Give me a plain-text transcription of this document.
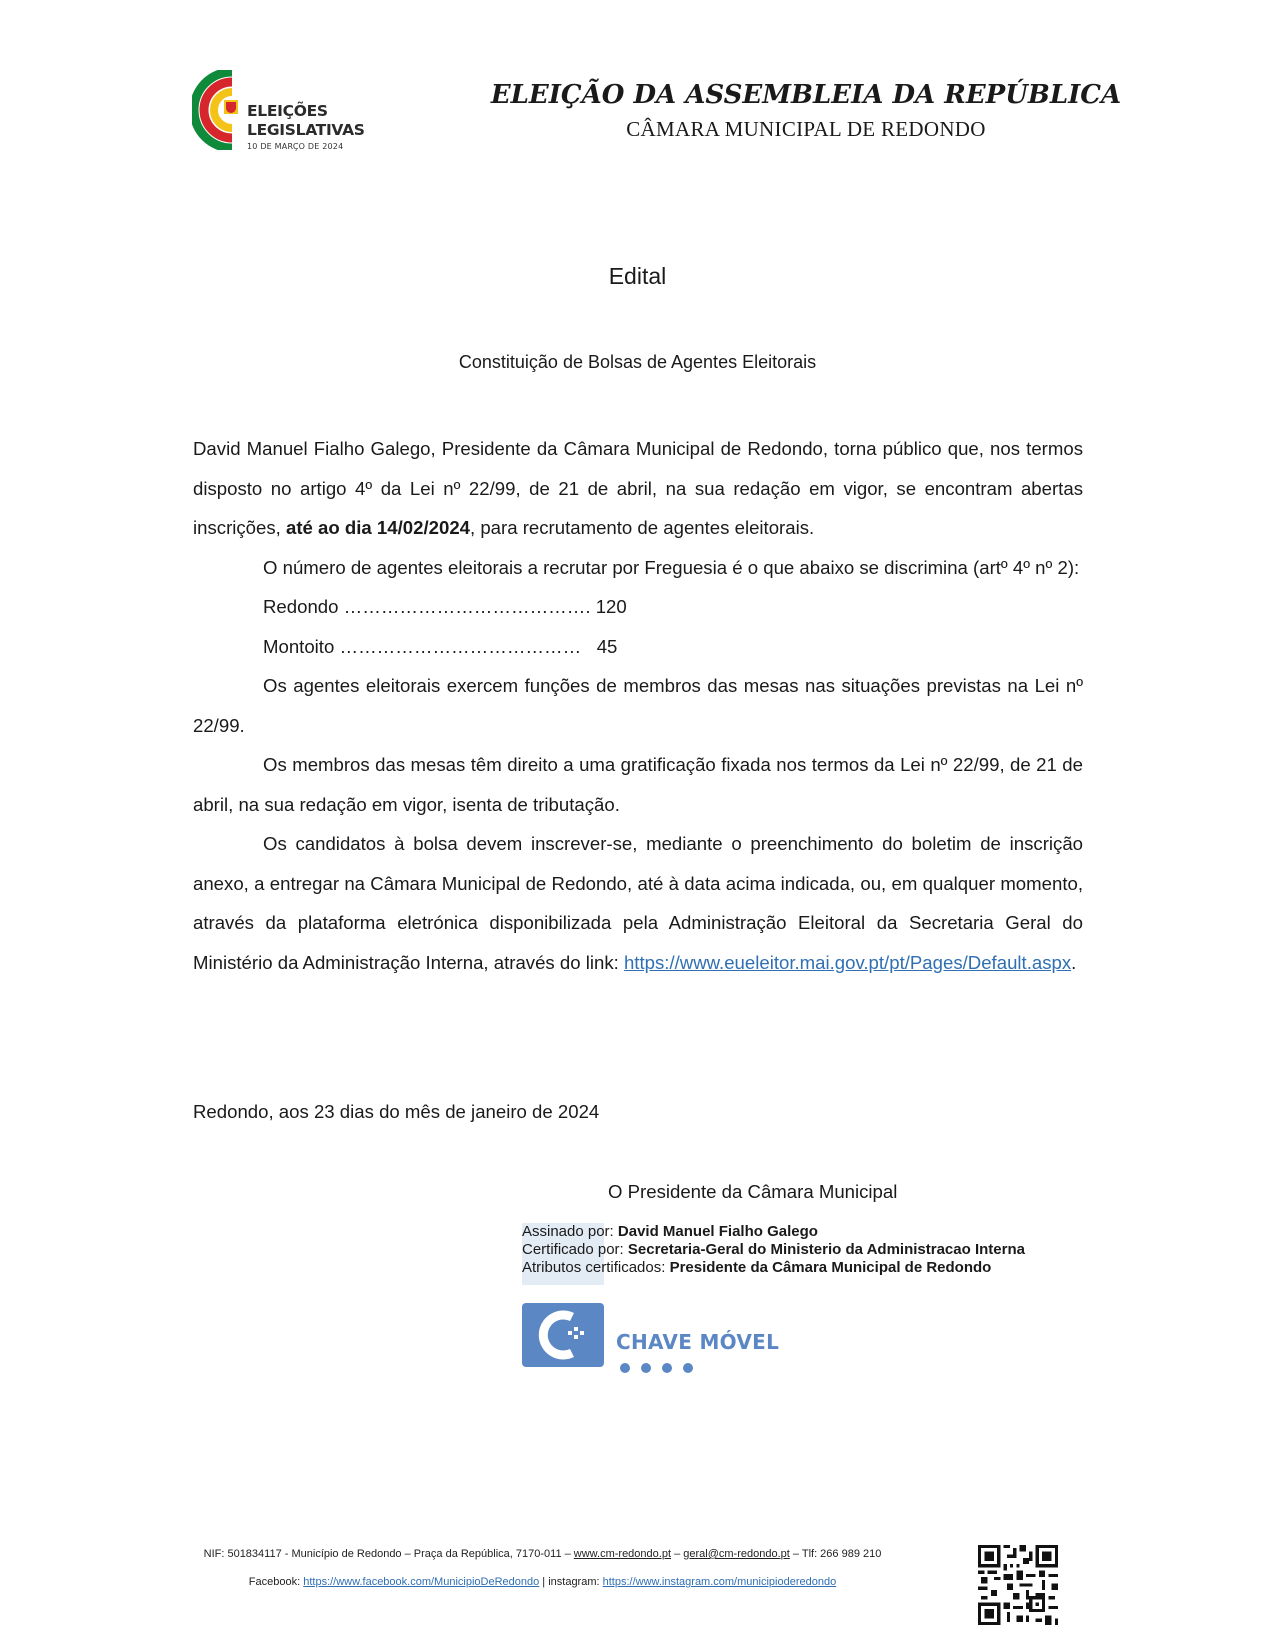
ELEIÇÕES
LEGISLATIVAS
10 DE MARÇO DE 2024
ELEIÇÃO DA ASSEMBLEIA DA REPÚBLICA
CÂMARA MUNICIPAL DE REDONDO
Edital
Constituição de Bolsas de Agentes Eleitorais

David Manuel Fialho Galego, Presidente da Câmara Municipal de Redondo, torna público que, nos termos disposto no artigo 4º da Lei nº 22/99, de 21 de abril, na sua redação em vigor, se encontram abertas inscrições, até ao dia 14/02/2024, para recrutamento de agentes eleitorais.

O número de agentes eleitorais a recrutar por Freguesia é o que abaixo se discrimina (artº 4º nº 2):

Redondo …………………………………. 120

Montoito ………………………………… 45

Os agentes eleitorais exercem funções de membros das mesas nas situações previstas na Lei nº 22/99.

Os membros das mesas têm direito a uma gratificação fixada nos termos da Lei nº 22/99, de 21 de abril, na sua redação em vigor, isenta de tributação.

Os candidatos à bolsa devem inscrever-se, mediante o preenchimento do boletim de inscrição anexo, a entregar na Câmara Municipal de Redondo, até à data acima indicada, ou, em qualquer momento, através da plataforma eletrónica disponibilizada pela Administração Eleitoral da Secretaria Geral do Ministério da Administração Interna, através do link: https://www.eueleitor.mai.gov.pt/pt/Pages/Default.aspx.

Redondo, aos 23 dias do mês de janeiro de 2024
O Presidente da Câmara Municipal
Assinado por: David Manuel Fialho Galego
Certificado por: Secretaria-Geral do Ministerio da Administracao Interna
Atributos certificados: Presidente da Câmara Municipal de Redondo
CHAVE MÓVEL
NIF: 501834117 - Município de Redondo – Praça da República, 7170-011 – www.cm-redondo.pt – geral@cm-redondo.pt – Tlf: 266 989 210
Facebook: https://www.facebook.com/MunicipioDeRedondo | instagram: https://www.instagram.com/municipioderedondo
